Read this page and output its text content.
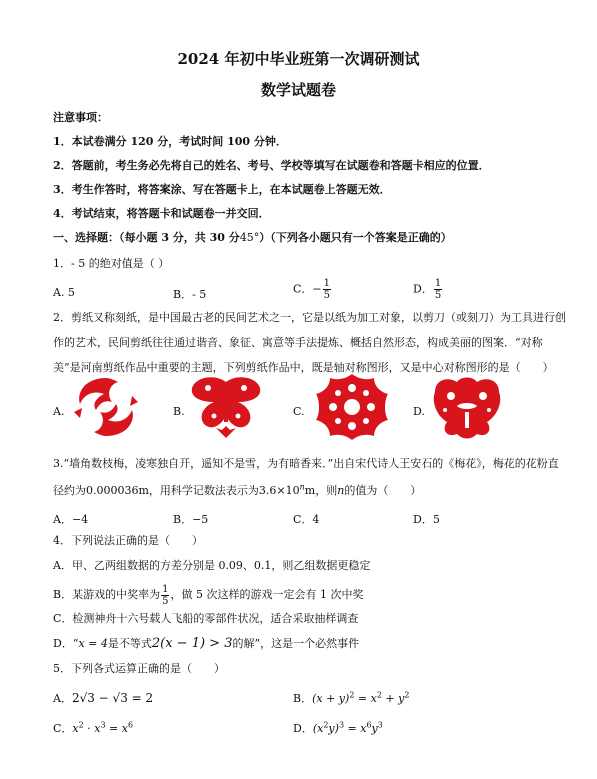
2024 年初中毕业班第一次调研测试
数学试题卷
注意事项：
1．本试卷满分 120 分，考试时间 100 分钟．
2．答题前，考生务必先将自己的姓名、考号、学校等填写在试题卷和答题卡相应的位置．
3．考生作答时，将答案涂、写在答题卡上，在本试题卷上答题无效．
4．考试结束，将答题卡和试题卷一并交回．
一、选择题：（每小题 3 分，共 30 分45°）（下列各小题只有一个答案是正确的）
1．- 5 的绝对值是（ ）
A. 5	B．- 5	C．− $\frac{1}{5}$	D． $\frac{1}{5}$
2．剪纸又称刻纸，是中国最古老的民间艺术之一，它是以纸为加工对象，以剪刀（或刻刀）为工具进行创
作的艺术，民间剪纸往往通过谐音、象征、寓意等手法提炼、概括自然形态，构成美丽的图案．“对称
美”是河南剪纸作品中重要的主题，下列剪纸作品中，既是轴对称图形，又是中心对称图形的是（　　）
A.	B.	C.	D.
3.“墙角数枝梅，凌寒独自开，遥知不是雪，为有暗香来．”出自宋代诗人王安石的《梅花》，梅花的花粉直
径约为0.000036m，用科学记数法表示为$3.6\times 10^nm$，则n的值为（　　）
A．−4	B．−5	C．4	D．5
4．下列说法正确的是（　　）
A．甲、乙两组数据的方差分别是 0.09、0.1，则乙组数据更稳定
B．某游戏的中奖率为 $\frac{1}{5}$ ，做 5 次这样的游戏一定会有 1 次中奖
C．检测神舟十六号载人飞船的零部件状况，适合采取抽样调查
D．“x = 4是不等式2(x − 1) > 3的解”，这是一个必然事件
5．下列各式运算正确的是（　　）
A．2√3 − √3 = 2	B．$(x + y)^2 = x^2 + y^2$
C．$x^2 \cdot x^3 = x^6$	D．$(x^2y)^3 = x^6y^3$
